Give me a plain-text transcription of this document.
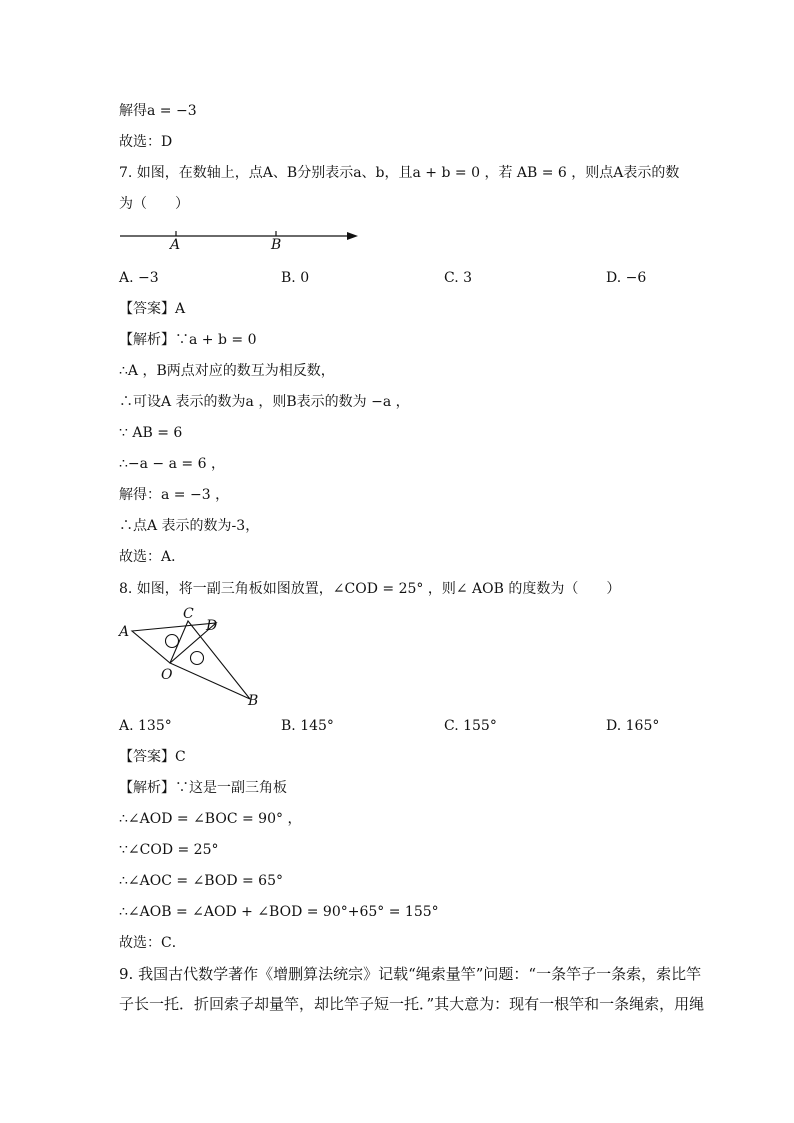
解得a = −3
故选：D
7. 如图，在数轴上，点A、B分别表示a、b，且a + b = 0 ，若 AB = 6 ，则点A表示的数
为（　　）
A	B
A. −3	B. 0	C. 3	D. −6
【答案】A
【解析】∵a + b = 0
∴A ，B两点对应的数互为相反数，
∴可设A 表示的数为a ，则B表示的数为 −a ，
∵ AB = 6
∴−a − a = 6 ，
解得：a = −3 ，
∴点A 表示的数为-3，
故选：A．
8. 如图，将一副三角板如图放置，∠COD = 25° ，则∠ AOB 的度数为（　　）
A
C
D
O
B
A. 135°	B. 145°	C. 155°	D. 165°
【答案】C
【解析】∵这是一副三角板
∴∠AOD = ∠BOC = 90° ，
∵∠COD = 25°
∴∠AOC = ∠BOD = 65°
∴∠AOB = ∠AOD + ∠BOD = 90°+65° = 155°
故选：C．
9. 我国古代数学著作《增删算法统宗》记载“绳索量竿”问题：“一条竿子一条索，索比竿
子长一托．折回索子却量竿，却比竿子短一托．”其大意为：现有一根竿和一条绳索，用绳
